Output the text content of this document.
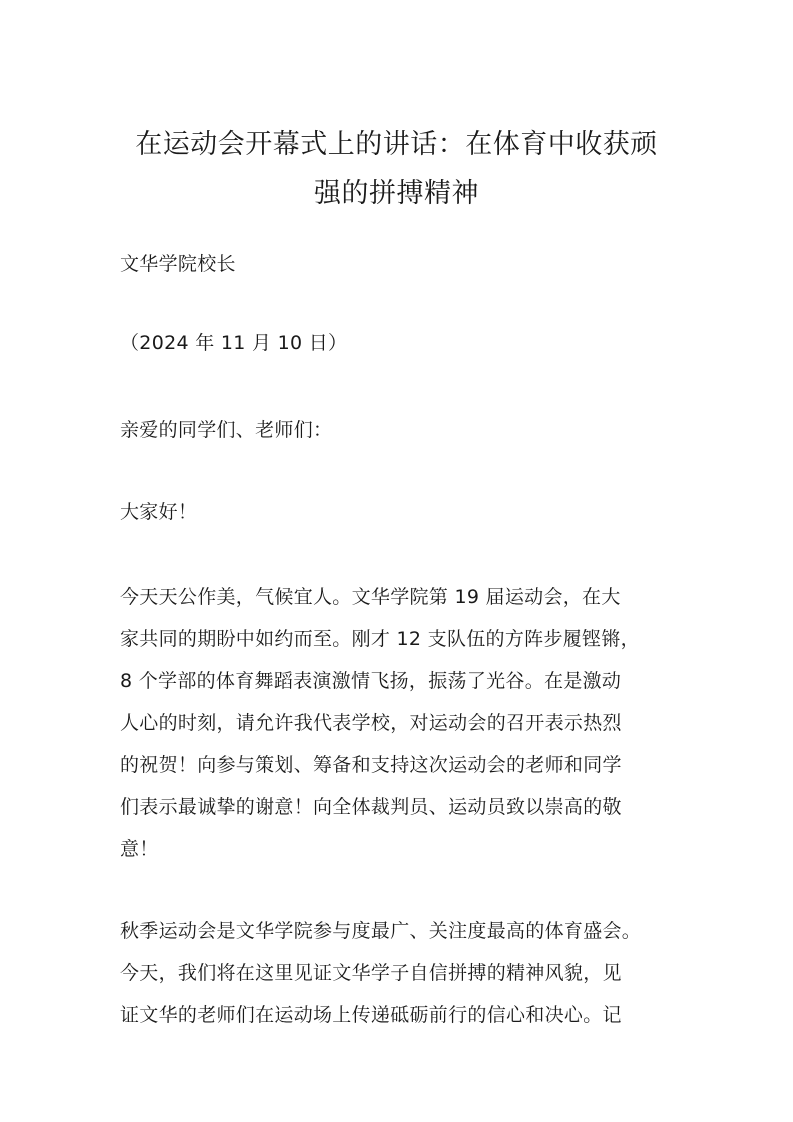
在运动会开幕式上的讲话：在体育中收获顽
强的拼搏精神

文华学院校长

（2024 年 11 月 10 日）

亲爱的同学们、老师们：

大家好！

今天天公作美，气候宜人。文华学院第 19 届运动会，在大

家共同的期盼中如约而至。刚才 12 支队伍的方阵步履铿锵，

8 个学部的体育舞蹈表演激情飞扬，振荡了光谷。在是激动

人心的时刻，请允许我代表学校，对运动会的召开表示热烈

的祝贺！向参与策划、筹备和支持这次运动会的老师和同学

们表示最诚挚的谢意！向全体裁判员、运动员致以崇高的敬

意！

秋季运动会是文华学院参与度最广、关注度最高的体育盛会。

今天，我们将在这里见证文华学子自信拼搏的精神风貌，见

证文华的老师们在运动场上传递砥砺前行的信心和决心。记
